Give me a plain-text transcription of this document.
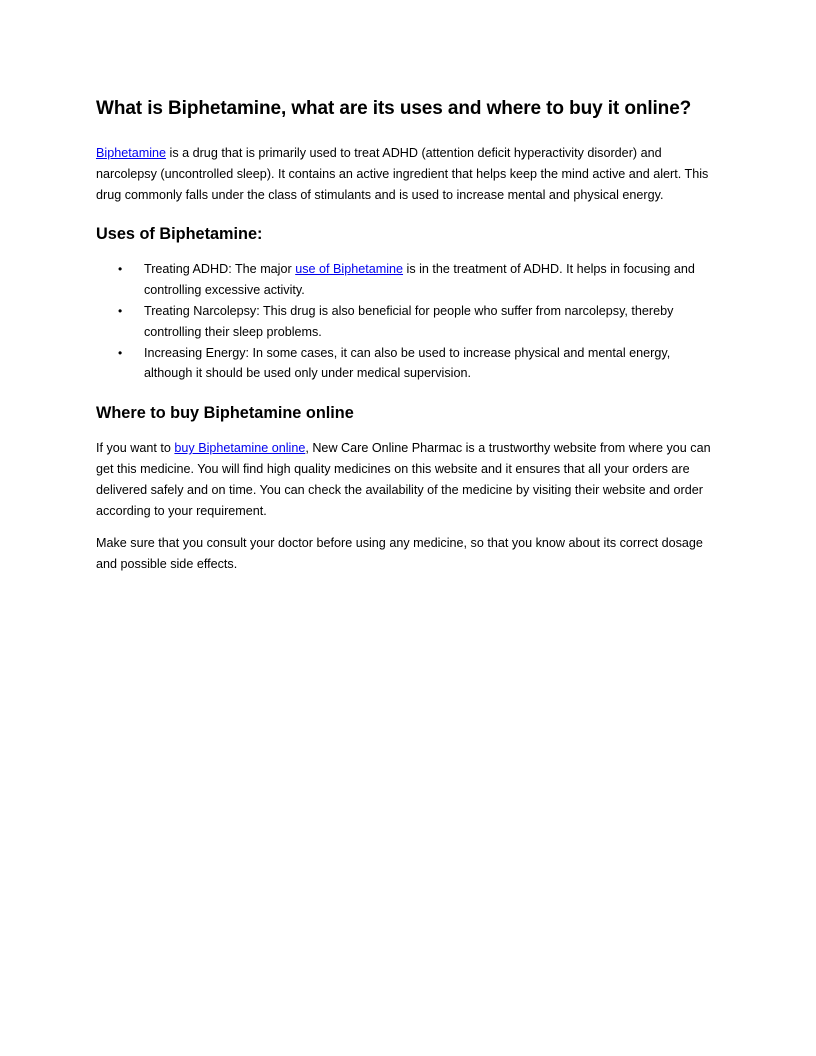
What is Biphetamine, what are its uses and where to buy it online?

Biphetamine is a drug that is primarily used to treat ADHD (attention deficit hyperactivity disorder) and narcolepsy (uncontrolled sleep). It contains an active ingredient that helps keep the mind active and alert. This drug commonly falls under the class of stimulants and is used to increase mental and physical energy.

Uses of Biphetamine:
• Treating ADHD: The major use of Biphetamine is in the treatment of ADHD. It helps in focusing and controlling excessive activity.
• Treating Narcolepsy: This drug is also beneficial for people who suffer from narcolepsy, thereby controlling their sleep problems.
• Increasing Energy: In some cases, it can also be used to increase physical and mental energy, although it should be used only under medical supervision.
Where to buy Biphetamine online

If you want to buy Biphetamine online, New Care Online Pharmac is a trustworthy website from where you can get this medicine. You will find high quality medicines on this website and it ensures that all your orders are delivered safely and on time. You can check the availability of the medicine by visiting their website and order according to your requirement.

Make sure that you consult your doctor before using any medicine, so that you know about its correct dosage and possible side effects.
